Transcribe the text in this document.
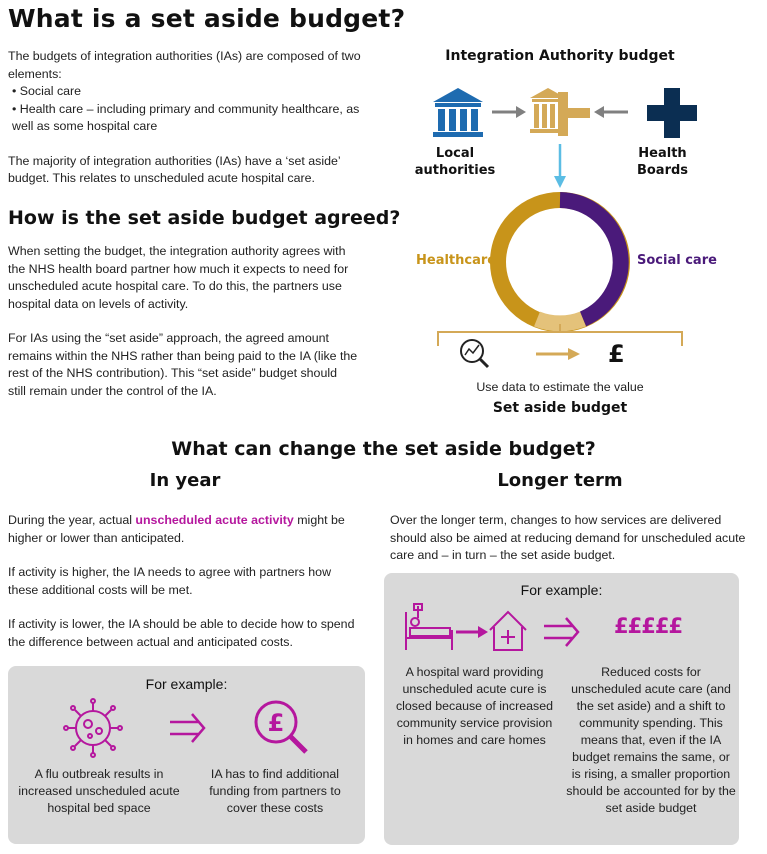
What is a set aside budget?

The budgets of integration authorities (IAs) are composed of two elements:

• Social care

• Health care – including primary and community healthcare, as well as some hospital care

The majority of integration authorities (IAs) have a ‘set aside’ budget. This relates to unscheduled acute hospital care.

How is the set aside budget agreed?

When setting the budget, the integration authority agrees with the NHS health board partner how much it expects to need for unscheduled acute hospital care. To do this, the partners use hospital data on levels of activity.

For IAs using the “set aside” approach, the agreed amount remains within the NHS rather than being paid to the IA (like the rest of the NHS contribution). This “set aside” budget should still remain under the control of the IA.

Integration Authority budget
Local
authorities
Health
Boards
Healthcare	Social care
£
Use data to estimate the value
Set aside budget
What can change the set aside budget?
In year

During the year, actual unscheduled acute activity might be higher or lower than anticipated.

If activity is higher, the IA needs to agree with partners how these additional costs will be met.

If activity is lower, the IA should be able to decide how to spend the difference between actual and anticipated costs.

For example:
£
A flu outbreak results in increased unscheduled acute hospital bed space
IA has to find additional funding from partners to cover these costs
Longer term
Over the longer term, changes to how services are delivered should also be aimed at reducing demand for unscheduled acute care and – in turn – the set aside budget.
For example:
£££££
A hospital ward providing unscheduled acute cure is closed because of increased community service provision in homes and care homes
Reduced costs for unscheduled acute care (and the set aside) and a shift to community spending. This means that, even if the IA budget remains the same, or is rising, a smaller proportion should be accounted for by the set aside budget
